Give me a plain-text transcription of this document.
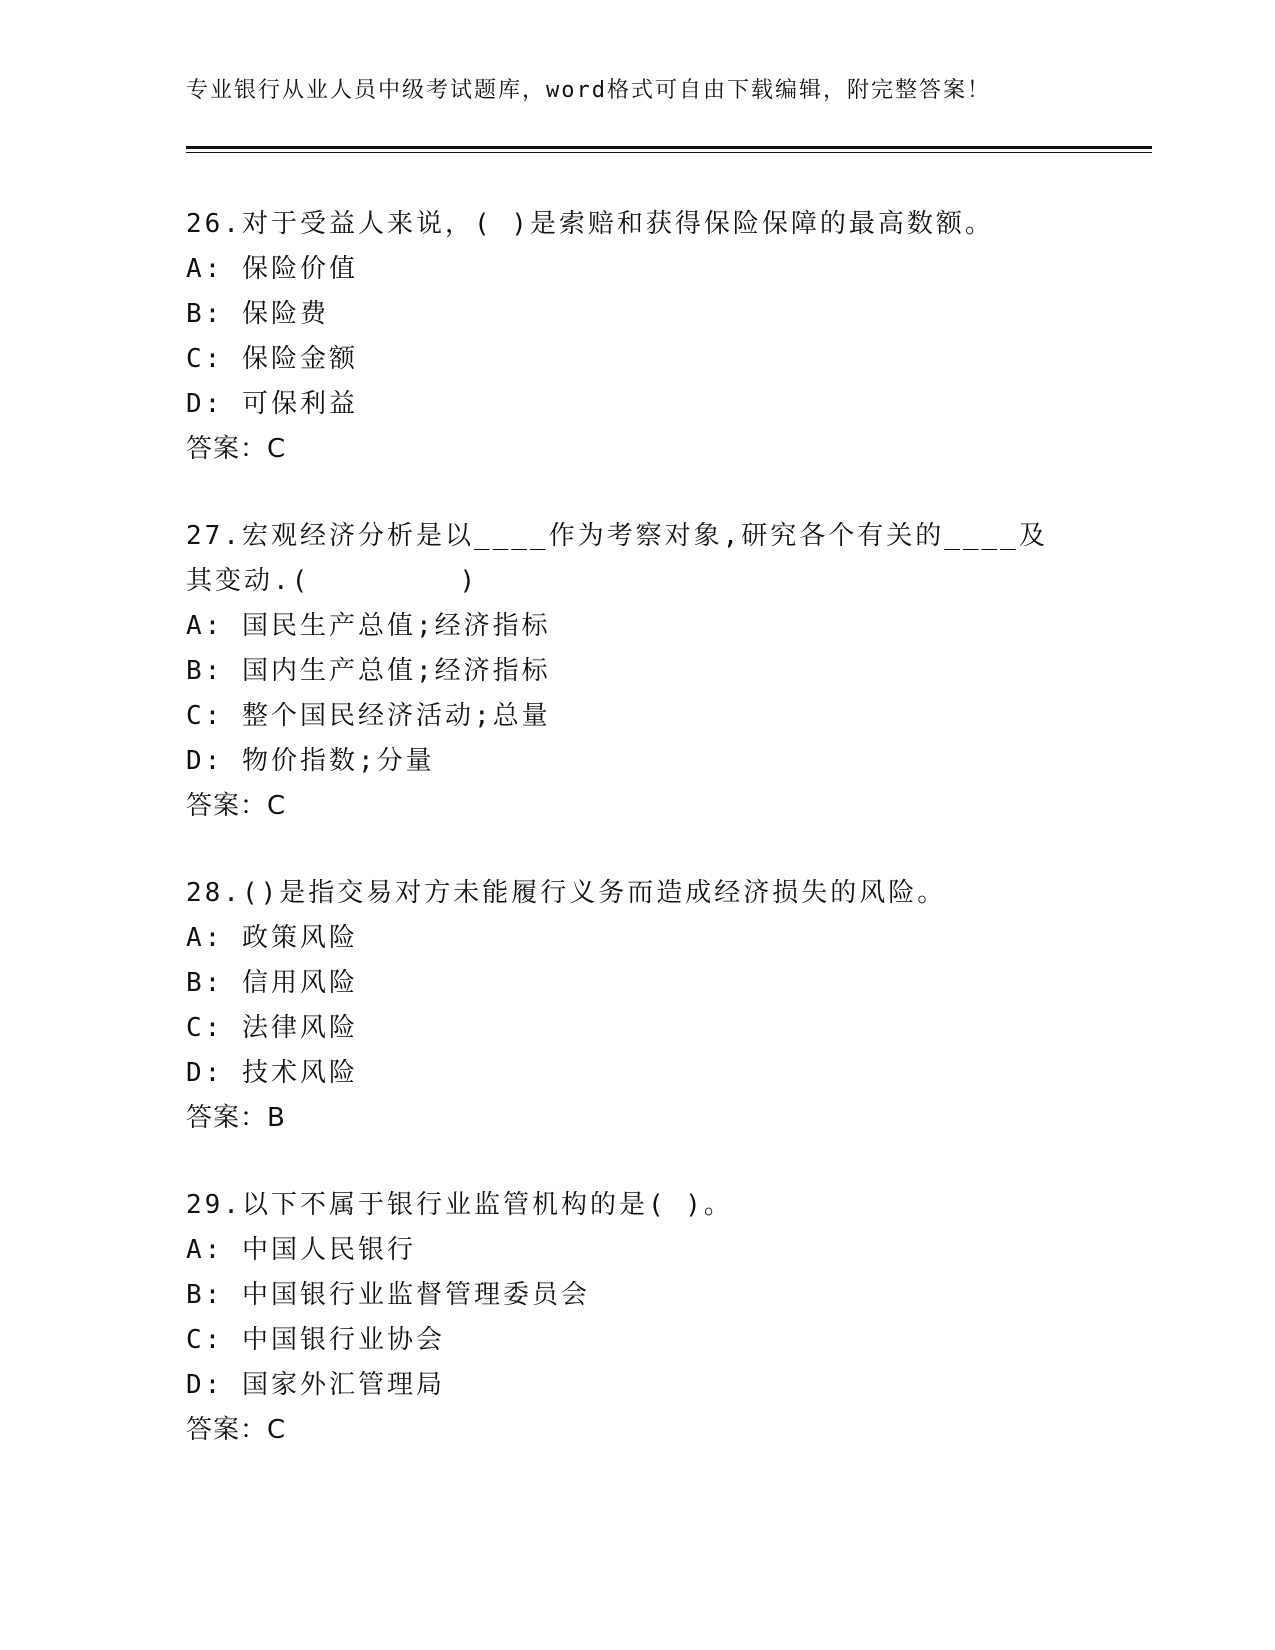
专业银行从业人员中级考试题库，word格式可自由下载编辑，附完整答案！
26.对于受益人来说，( )是索赔和获得保险保障的最高数额。
A: 保险价值
B: 保险费
C: 保险金额
D: 可保利益
答案：C
27.宏观经济分析是以____作为考察对象,研究各个有关的____及其变动.(        )
A: 国民生产总值;经济指标
B: 国内生产总值;经济指标
C: 整个国民经济活动;总量
D: 物价指数;分量
答案：C
28.()是指交易对方未能履行义务而造成经济损失的风险。
A: 政策风险
B: 信用风险
C: 法律风险
D: 技术风险
答案：B
29.以下不属于银行业监管机构的是( )。
A: 中国人民银行
B: 中国银行业监督管理委员会
C: 中国银行业协会
D: 国家外汇管理局
答案：C
